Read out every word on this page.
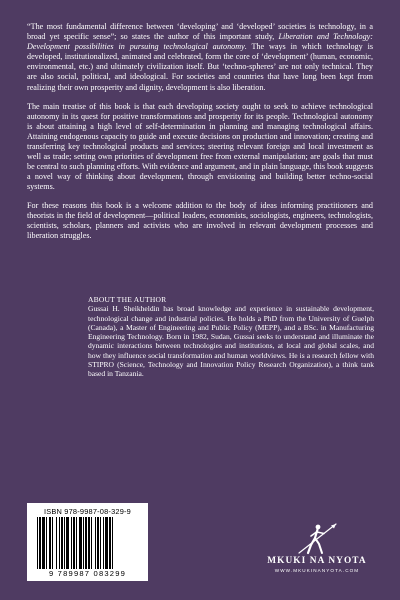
“The most fundamental difference between ‘developing’ and ‘developed’ societies is technology, in a broad yet specific sense”; so states the author of this important study, Liberation and Technology: Development possibilities in pursuing technological autonomy. The ways in which technology is developed, institutionalized, animated and celebrated, form the core of ‘development’ (human, economic, environmental, etc.) and ultimately civilization itself. But ‘techno-spheres’ are not only technical. They are also social, political, and ideological. For societies and countries that have long been kept from realizing their own prosperity and dignity, development is also liberation.

The main treatise of this book is that each developing society ought to seek to achieve technological autonomy in its quest for positive transformations and prosperity for its people. Technological autonomy is about attaining a high level of self-determination in planning and managing technological affairs. Attaining endogenous capacity to guide and execute decisions on production and innovation; creating and transferring key technological products and services; steering relevant foreign and local investment as well as trade; setting own priorities of development free from external manipulation; are goals that must be central to such planning efforts. With evidence and argument, and in plain language, this book suggests a novel way of thinking about development, through envisioning and building better techno-social systems.

For these reasons this book is a welcome addition to the body of ideas informing practitioners and theorists in the field of development—political leaders, economists, sociologists, engineers, technologists, scientists, scholars, planners and activists who are involved in relevant development processes and liberation struggles.

ABOUT THE AUTHOR

Gussai H. Sheikheldin has broad knowledge and experience in sustainable development, technological change and industrial policies. He holds a PhD from the University of Guelph (Canada), a Master of Engineering and Public Policy (MEPP), and a BSc. in Manufacturing Engineering Technology. Born in 1982, Sudan, Gussai seeks to understand and illuminate the dynamic interactions between technologies and institutions, at local and global scales, and how they influence social transformation and human worldviews. He is a research fellow with STIPRO (Science, Technology and Innovation Policy Research Organization), a think tank based in Tanzania.

ISBN 978-9987-08-329-9
9 789987 083299
MKUKI NA NYOTA
WWW.MKUKINANYOTA.COM
